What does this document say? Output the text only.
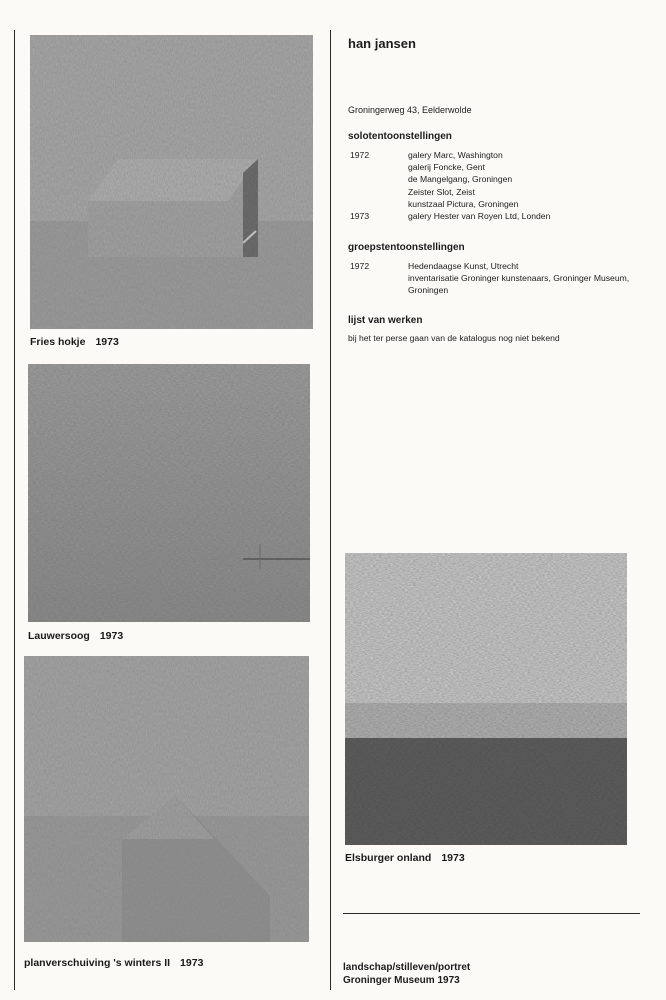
Fries hokje 1973
Lauwersoog 1973
planverschuiving 's winters II 1973
Elsburger onland 1973
han jansen
Groningerweg 43, Eelderwolde
solotentoonstellingen
1972	galery Marc, Washington
galerij Foncke, Gent
de Mangelgang, Groningen
Zeister Slot, Zeist
kunstzaal Pictura, Groningen
1973	galery Hester van Royen Ltd, Londen
groepstentoonstellingen
1972	Hedendaagse Kunst, Utrecht
inventarisatie Groninger kunstenaars, Groninger Museum,
Groningen
lijst van werken
bij het ter perse gaan van de katalogus nog niet bekend
landschap/stilleven/portret
Groninger Museum 1973
